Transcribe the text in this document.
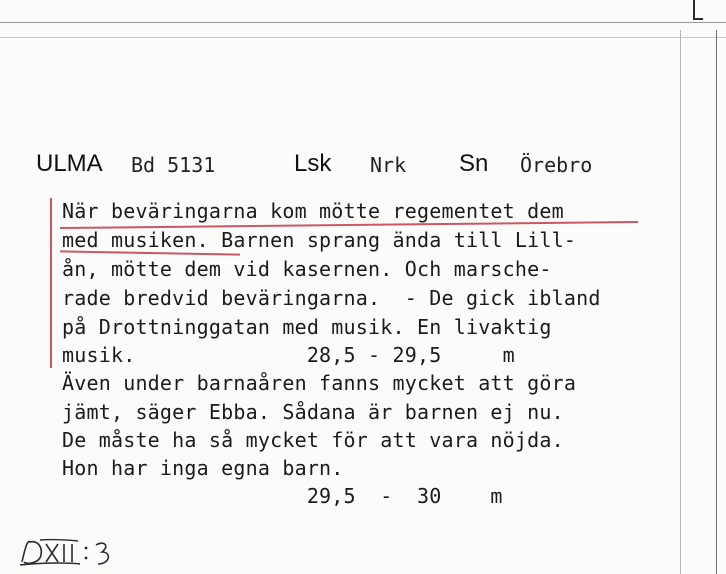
ULMA Bd 5131	Lsk Nrk Sn Örebro
När beväringarna kom mötte regementet dem
med musiken. Barnen sprang ända till Lill-
ån, mötte dem vid kasernen. Och marsche-
rade bredvid beväringarna.  - De gick ibland
på Drottninggatan med musik. En livaktig
musik.              28,5 - 29,5     m
Även under barnaåren fanns mycket att göra
jämt, säger Ebba. Sådana är barnen ej nu.
De måste ha så mycket för att vara nöjda.
Hon har inga egna barn.
29,5  -  30    m
